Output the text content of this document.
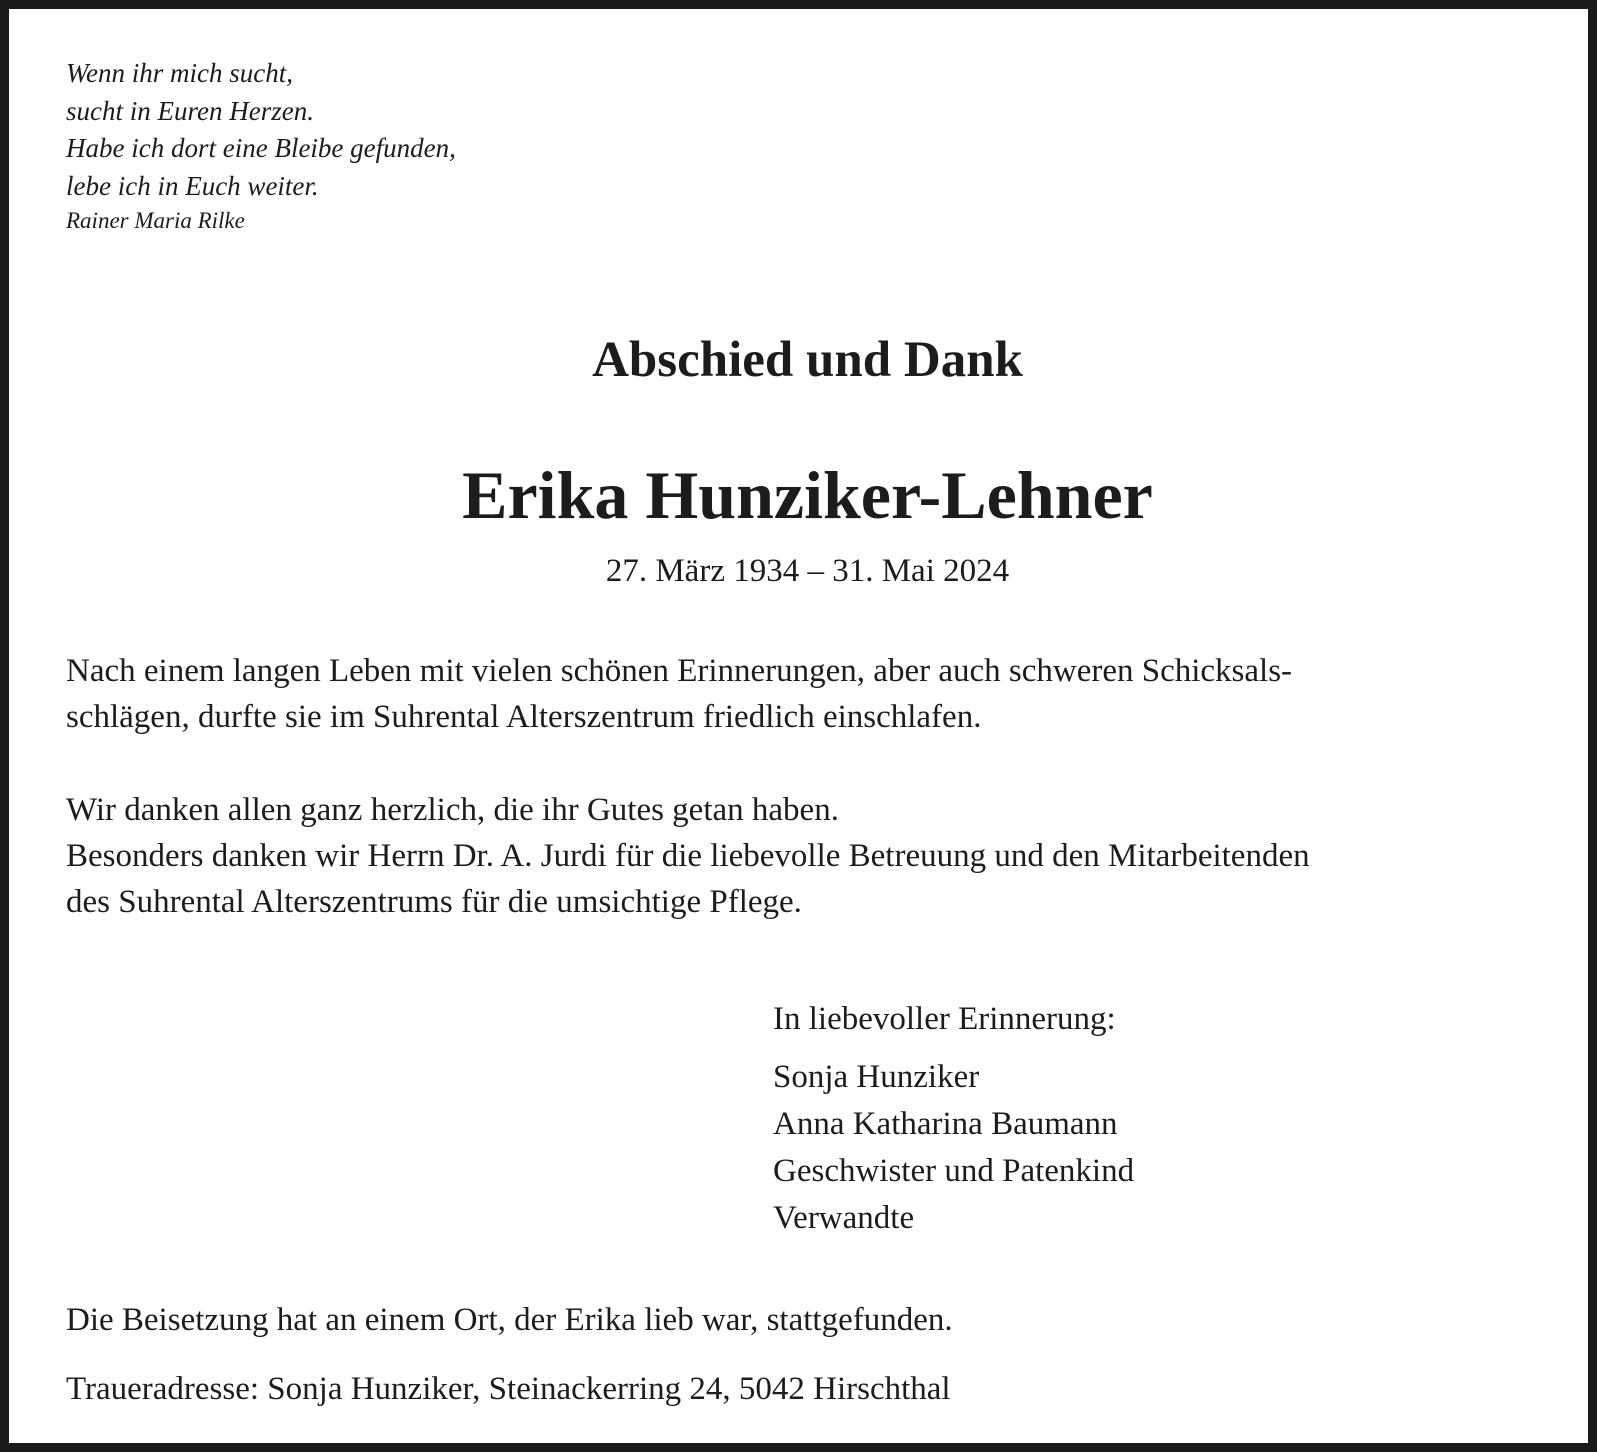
Wenn ihr mich sucht,
sucht in Euren Herzen.
Habe ich dort eine Bleibe gefunden,
lebe ich in Euch weiter.
Rainer Maria Rilke
Abschied und Dank
Erika Hunziker-Lehner
27. März 1934 – 31. Mai 2024
Nach einem langen Leben mit vielen schönen Erinnerungen, aber auch schweren Schicksals-
schlägen, durfte sie im Suhrental Alterszentrum friedlich einschlafen.
Wir danken allen ganz herzlich, die ihr Gutes getan haben.
Besonders danken wir Herrn Dr. A. Jurdi für die liebevolle Betreuung und den Mitarbeitenden
des Suhrental Alterszentrums für die umsichtige Pflege.
In liebevoller Erinnerung:
Sonja Hunziker
Anna Katharina Baumann
Geschwister und Patenkind
Verwandte
Die Beisetzung hat an einem Ort, der Erika lieb war, stattgefunden.
Traueradresse: Sonja Hunziker, Steinackerring 24, 5042 Hirschthal
